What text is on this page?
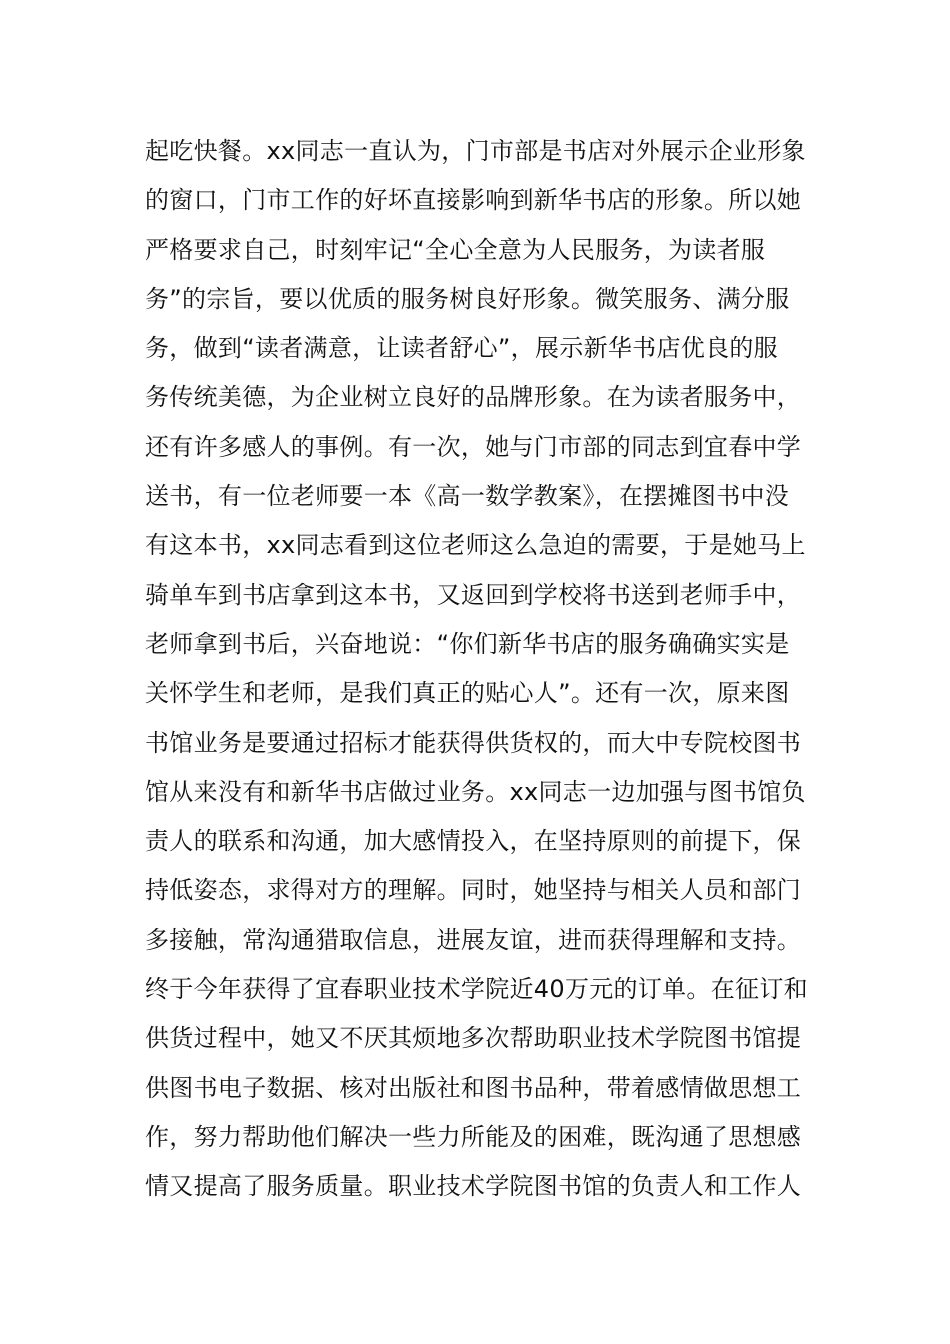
起吃快餐。xx同志一直认为，门市部是书店对外展示企业形象
的窗口，门市工作的好坏直接影响到新华书店的形象。所以她
严格要求自己，时刻牢记“全心全意为人民服务，为读者服
务”的宗旨，要以优质的服务树良好形象。微笑服务、满分服
务，做到“读者满意，让读者舒心”，展示新华书店优良的服
务传统美德，为企业树立良好的品牌形象。在为读者服务中，
还有许多感人的事例。有一次，她与门市部的同志到宜春中学
送书，有一位老师要一本《高一数学教案》，在摆摊图书中没
有这本书，xx同志看到这位老师这么急迫的需要，于是她马上
骑单车到书店拿到这本书，又返回到学校将书送到老师手中，
老师拿到书后，兴奋地说：“你们新华书店的服务确确实实是
关怀学生和老师，是我们真正的贴心人”。还有一次，原来图
书馆业务是要通过招标才能获得供货权的，而大中专院校图书
馆从来没有和新华书店做过业务。xx同志一边加强与图书馆负
责人的联系和沟通，加大感情投入，在坚持原则的前提下，保
持低姿态，求得对方的理解。同时，她坚持与相关人员和部门
多接触，常沟通猎取信息，进展友谊，进而获得理解和支持。
终于今年获得了宜春职业技术学院近40万元的订单。在征订和
供货过程中，她又不厌其烦地多次帮助职业技术学院图书馆提
供图书电子数据、核对出版社和图书品种，带着感情做思想工
作，努力帮助他们解决一些力所能及的困难，既沟通了思想感
情又提高了服务质量。职业技术学院图书馆的负责人和工作人
